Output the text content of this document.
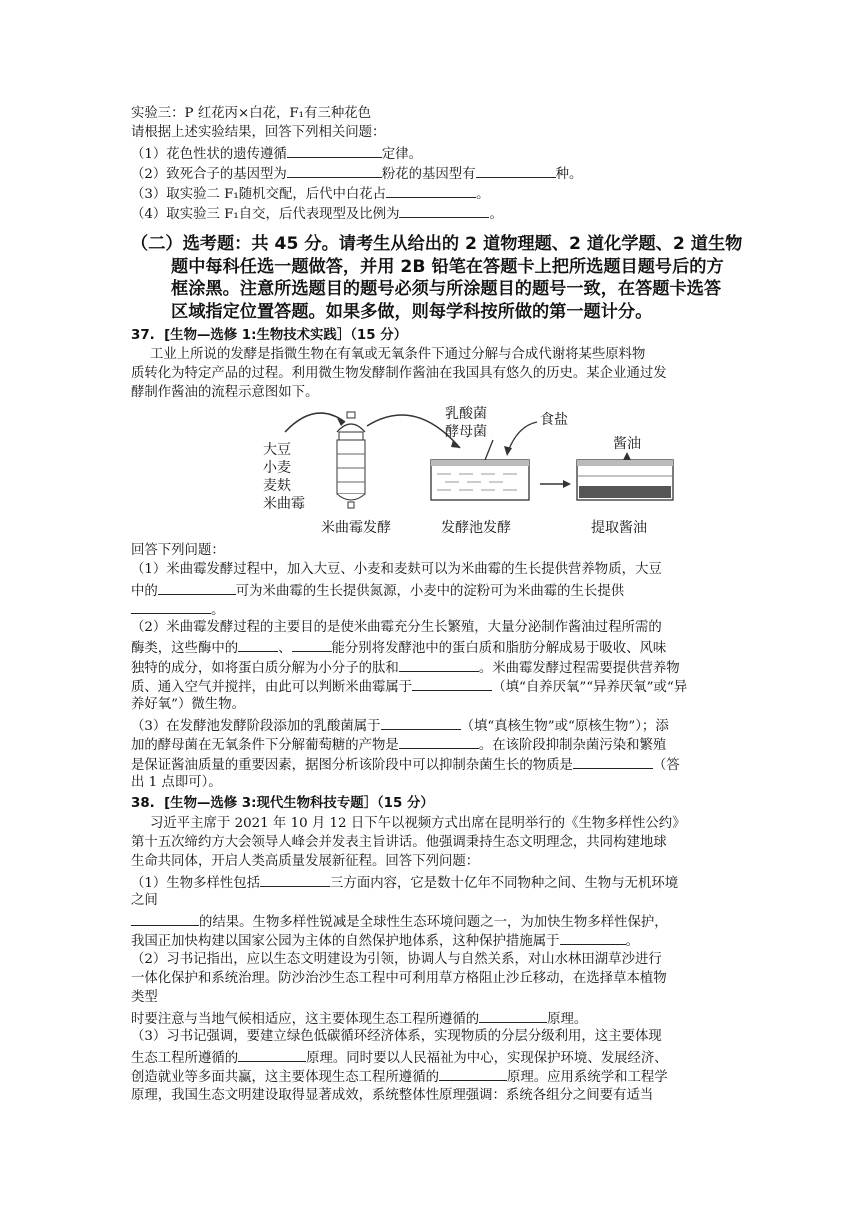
实验三：P 红花丙×白花，F₁有三种花色
请根据上述实验结果，回答下列相关问题：
（1）花色性状的遗传遵循	定律。
（2）致死合子的基因型为	粉花的基因型有	种。
（3）取实验二 F₁随机交配，后代中白花占	。
（4）取实验三 F₁自交，后代表现型及比例为	。
（二）选考题：共 45 分。请考生从给出的 2 道物理题、2 道化学题、2 道生物
题中每科任选一题做答，并用 2B 铅笔在答题卡上把所选题目题号后的方
框涂黑。注意所选题目的题号必须与所涂题目的题号一致，在答题卡选答
区域指定位置答题。如果多做，则每学科按所做的第一题计分。
37. [生物—选修 1:生物技术实践］（15 分）
工业上所说的发酵是指微生物在有氧或无氧条件下通过分解与合成代谢将某些原料物
质转化为特定产品的过程。利用微生物发酵制作酱油在我国具有悠久的历史。某企业通过发
酵制作酱油的流程示意图如下。
大豆
小麦
麦麸
米曲霉
乳酸菌
酵母菌
食盐
酱油
米曲霉发酵	发酵池发酵	提取酱油
回答下列问题：
（1）米曲霉发酵过程中，加入大豆、小麦和麦麸可以为米曲霉的生长提供营养物质，大豆
中的	可为米曲霉的生长提供氮源，小麦中的淀粉可为米曲霉的生长提供
。
（2）米曲霉发酵过程的主要目的是使米曲霉充分生长繁殖，大量分泌制作酱油过程所需的
酶类，这些酶中的	、	能分别将发酵池中的蛋白质和脂肪分解成易于吸收、风味
独特的成分，如将蛋白质分解为小分子的肽和	。米曲霉发酵过程需要提供营养物
质、通入空气并搅拌，由此可以判断米曲霉属于	（填“自养厌氧”“异养厌氧”或“异
养好氧”）微生物。
（3）在发酵池发酵阶段添加的乳酸菌属于	（填“真核生物”或“原核生物”）；添
加的酵母菌在无氧条件下分解葡萄糖的产物是	。在该阶段抑制杂菌污染和繁殖
是保证酱油质量的重要因素，据图分析该阶段中可以抑制杂菌生长的物质是	（答
出 1 点即可）。
38. [生物—选修 3:现代生物科技专题］（15 分）
习近平主席于 2021 年 10 月 12 日下午以视频方式出席在昆明举行的《生物多样性公约》
第十五次缔约方大会领导人峰会并发表主旨讲话。他强调秉持生态文明理念，共同构建地球
生命共同体，开启人类高质量发展新征程。回答下列问题：
（1）生物多样性包括	三方面内容，它是数十亿年不同物种之间、生物与无机环境
之间
的结果。生物多样性锐减是全球性生态环境问题之一，为加快生物多样性保护，
我国正加快构建以国家公园为主体的自然保护地体系，这种保护措施属于	。
（2）习书记指出，应以生态文明建设为引领，协调人与自然关系，对山水林田湖草沙进行
一体化保护和系统治理。防沙治沙生态工程中可利用草方格阻止沙丘移动，在选择草本植物
类型
时要注意与当地气候相适应，这主要体现生态工程所遵循的	原理。
（3）习书记强调，要建立绿色低碳循环经济体系，实现物质的分层分级利用，这主要体现
生态工程所遵循的	原理。同时要以人民福祉为中心，实现保护环境、发展经济、
创造就业等多面共赢，这主要体现生态工程所遵循的	原理。应用系统学和工程学
原理，我国生态文明建设取得显著成效，系统整体性原理强调：系统各组分之间要有适当
